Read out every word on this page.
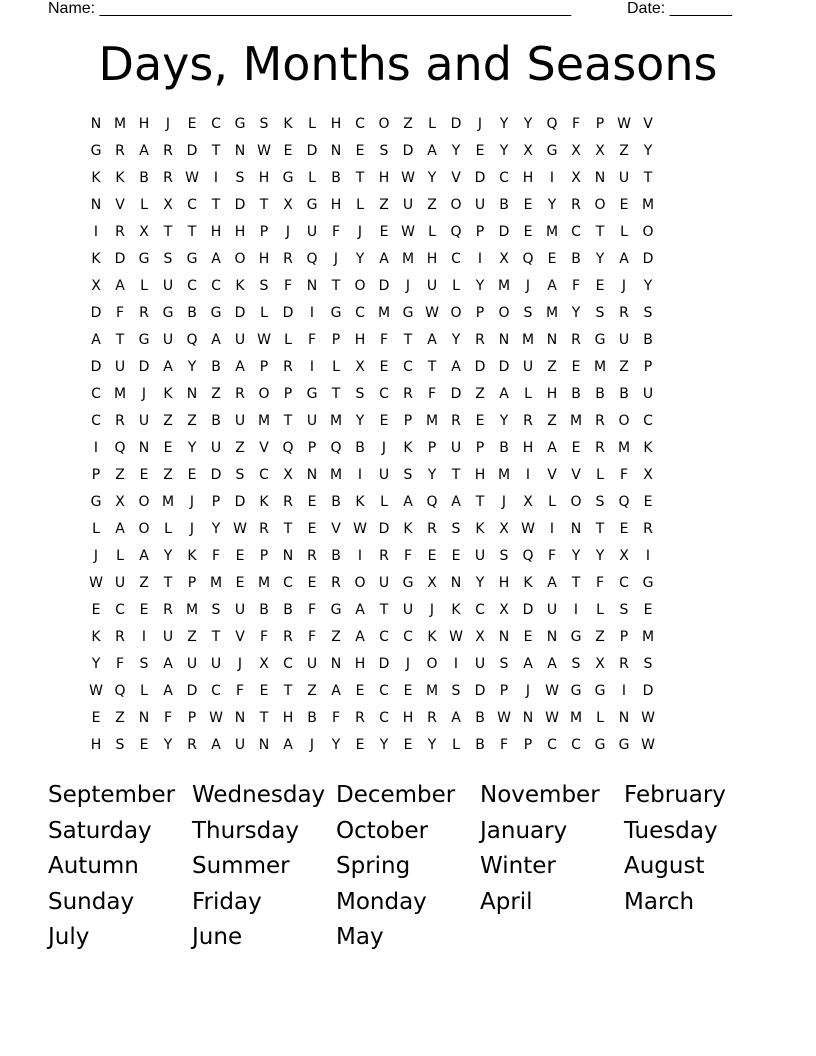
Name: _____________________________________________________	Date: _______
Days, Months and Seasons
N M H	J	E	C G	S	K	L	H C O Z	L	D	J	Y	Y	Q	F	P W V
G R	A	R D	T	N W E	D N	E	S	D A	Y	E	Y	X G X	X	Z	Y
K	K	B	R W	I	S	H G	L	B	T	H W Y	V D C H	I	X N U	T
N V	L	X	C	T	D	T	X G H	L	Z	U	Z O U	B	E	Y	R O	E M
I	R	X	T	T	H H	P	J	U	F	J	E W L	Q	P	D	E M C	T	L	O
K	D G	S	G A O H R Q	J	Y	A M H C	I	X Q	E	B	Y	A D
X	A	L	U C	C	K	S	F	N	T	O D	J	U	L	Y M	J	A	F	E	J	Y
D	F	R G B G D	L	D	I	G C M G W O	P	O	S M Y	S	R	S
A	T	G U Q A	U W L	F	P	H	F	T	A	Y	R N M N R G U	B
D U D A	Y	B	A	P	R	I	L	X	E	C	T	A D D U	Z	E M Z	P
C M	J	K	N Z	R O	P	G	T	S	C	R	F	D Z	A	L	H B	B	B	U
C	R	U	Z	Z	B	U M T	U M Y	E	P M R	E	Y	R	Z M R O C
I	Q N	E	Y	U	Z	V Q	P	Q B	J	K	P	U	P	B H A	E	R M K
P	Z	E	Z	E	D	S	C	X N M	I	U	S	Y	T	H M	I	V	V	L	F	X
G X O M	J	P	D	K	R	E	B	K	L	A Q A	T	J	X	L	O	S	Q	E
L	A O	L	J	Y W R	T	E	V W D	K	R	S	K	X W	I	N	T	E	R
J	L	A	Y	K	F	E	P	N R	B	I	R	F	E	E	U	S	Q	F	Y	Y	X	I
W U	Z	T	P M E M C	E	R O U G X N	Y	H	K	A	T	F	C G
E	C	E	R M S	U	B	B	F	G A	T	U	J	K	C	X D U	I	L	S	E
K	R	I	U	Z	T	V	F	R	F	Z	A	C	C	K W X N	E	N G Z	P M
Y	F	S	A	U U	J	X	C U N H D	J	O	I	U	S	A	A	S	X	R	S
W Q	L	A D C	F	E	T	Z	A	E	C	E M S	D	P	J	W G G	I	D
E	Z N	F	P W N	T	H B	F	R	C H R	A	B W N W M	L	N W
H	S	E	Y	R	A	U N A	J	Y	E	Y	E	Y	L	B	F	P	C	C G G W
September Wednesday December	November	February
Saturday	Thursday	October	January	Tuesday
Autumn	Summer	Spring	Winter	August
Sunday	Friday	Monday	April	March
July	June	May
